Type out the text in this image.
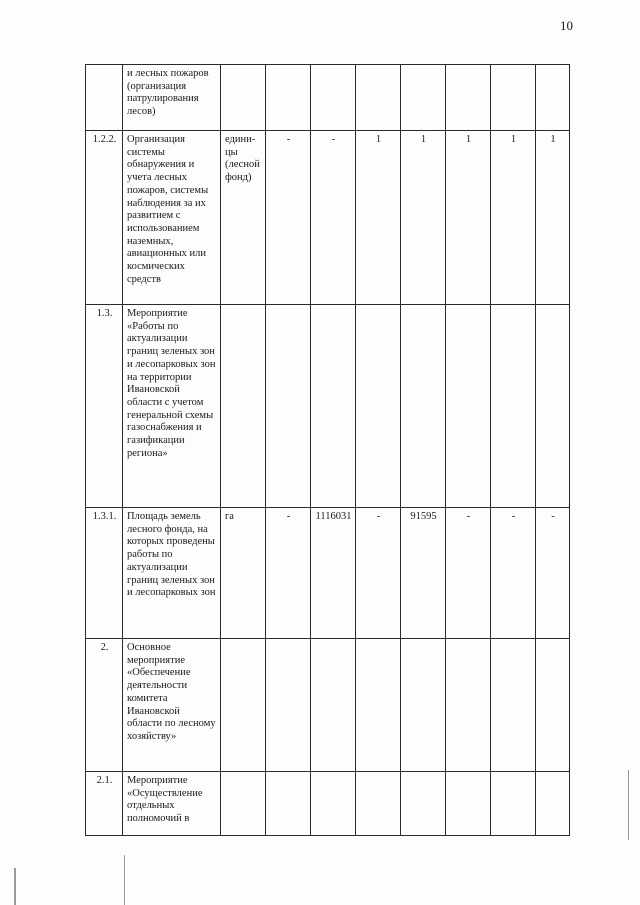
10
	и лесных пожаров (организация патрулирования лесов)								
1.2.2.	Организация системы обнаружения и учета лесных пожаров, системы наблюдения за их развитием с использованием наземных, авиационных или космических средств	едини-цы (лесной фонд)	-	-	1	1	1	1	1
1.3.	Мероприятие «Работы по актуализации границ зеленых зон и лесопарковых зон на территории Ивановской области с учетом генеральной схемы газоснабжения и газификации региона»								
1.3.1.	Площадь земель лесного фонда, на которых проведены работы по актуализации границ зеленых зон и лесопарковых зон	га	-	1116031	-	91595	-	-	-
2.	Основное мероприятие «Обеспечение деятельности комитета Ивановской области по лесному хозяйству»								
2.1.	Мероприятие «Осуществление отдельных полномочий в								
